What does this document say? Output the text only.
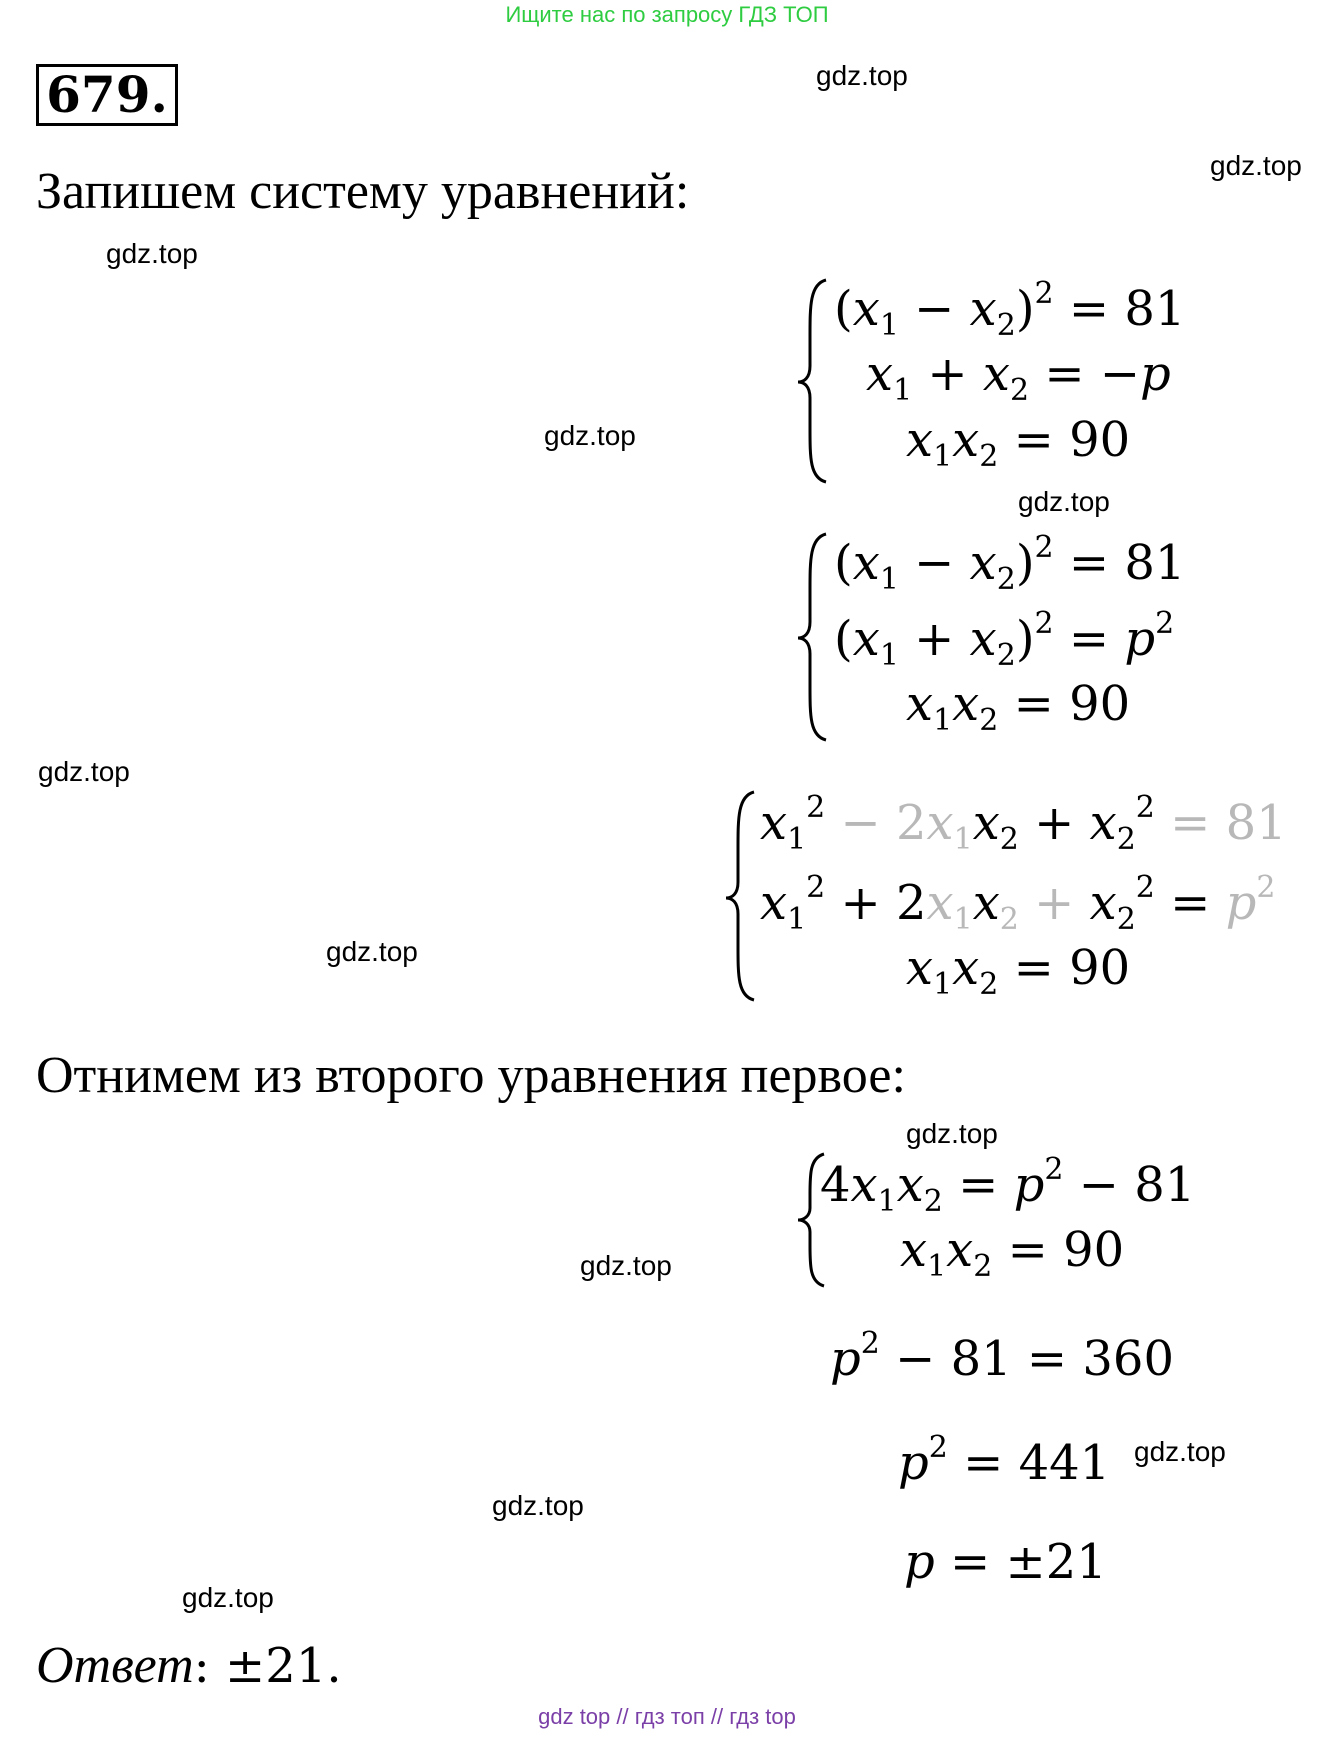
Ищите нас по запросу ГДЗ ТОП
679.	gdz.top
gdz.top
gdz.top
gdz.top
gdz.top
gdz.top
gdz.top
gdz.top
gdz.top
gdz.top
gdz.top
gdz.top
Запишем систему уравнений:
$(x_1 - x_2)^2 = 81$
$x_1 + x_2 = -p$
$x_1x_2 = 90$
$(x_1 - x_2)^2 = 81$
$(x_1 + x_2)^2 = p^2$
$x_1x_2 = 90$
$x_1^2 - 2x_1x_2 + x_2^2 = 81$
$x_1^2 + 2x_1x_2 + x_2^2 = p^2$
$x_1x_2 = 90$
Отнимем из второго уравнения первое:
$4x_1x_2 = p^2 - 81$
$x_1x_2 = 90$
$p^2 - 81 = 360$
$p^2 = 441$
p = ±21
Ответ: ±21.
gdz top // гдз топ // гдз top
